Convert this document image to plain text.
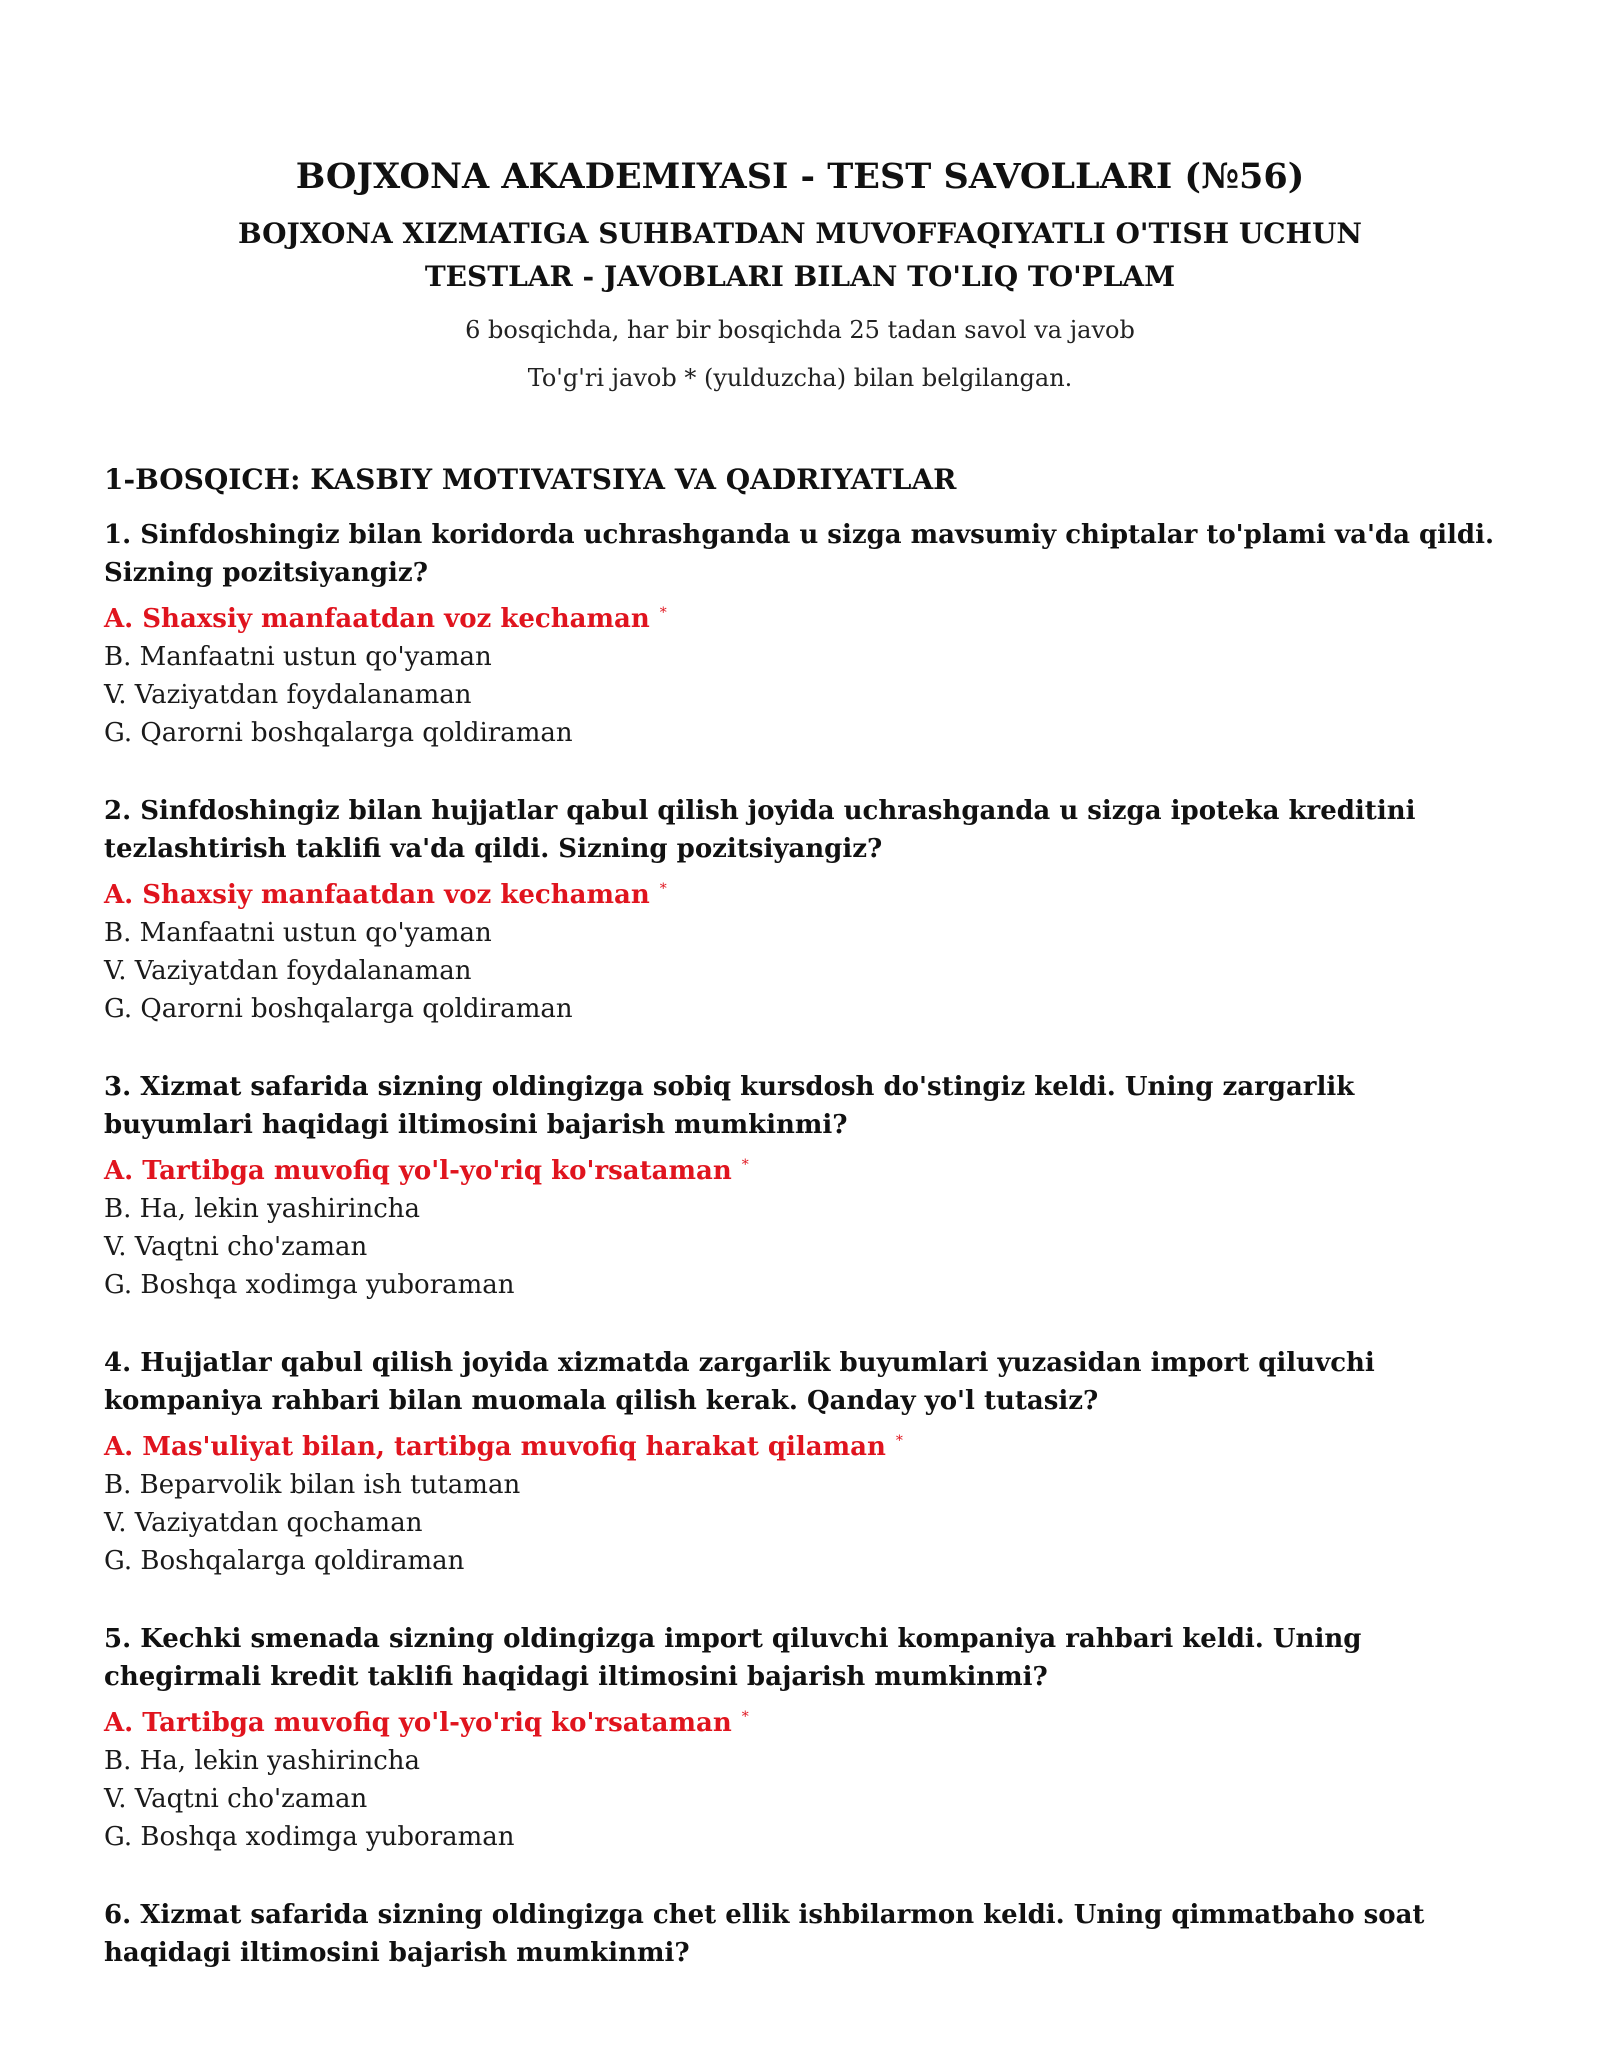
BOJXONA AKADEMIYASI - TEST SAVOLLARI (№56)
BOJXONA XIZMATIGA SUHBATDAN MUVOFFAQIYATLI O'TISH UCHUN TESTLAR - JAVOBLARI BILAN TO'LIQ TO'PLAM
6 bosqichda, har bir bosqichda 25 tadan savol va javob
To'g'ri javob * (yulduzcha) bilan belgilangan.
1-BOSQICH: KASBIY MOTIVATSIYA VA QADRIYATLAR
1. Sinfdoshingiz bilan koridorda uchrashganda u sizga mavsumiy chiptalar to'plami va'da qildi. Sizning pozitsiyangiz?
A. Shaxsiy manfaatdan voz kechaman *
B. Manfaatni ustun qo'yaman
V. Vaziyatdan foydalanaman
G. Qarorni boshqalarga qoldiraman
2. Sinfdoshingiz bilan hujjatlar qabul qilish joyida uchrashganda u sizga ipoteka kreditini tezlashtirish taklifi va'da qildi. Sizning pozitsiyangiz?
A. Shaxsiy manfaatdan voz kechaman *
B. Manfaatni ustun qo'yaman
V. Vaziyatdan foydalanaman
G. Qarorni boshqalarga qoldiraman
3. Xizmat safarida sizning oldingizga sobiq kursdosh do'stingiz keldi. Uning zargarlik buyumlari haqidagi iltimosini bajarish mumkinmi?
A. Tartibga muvofiq yo'l-yo'riq ko'rsataman *
B. Ha, lekin yashirincha
V. Vaqtni cho'zaman
G. Boshqa xodimga yuboraman
4. Hujjatlar qabul qilish joyida xizmatda zargarlik buyumlari yuzasidan import qiluvchi kompaniya rahbari bilan muomala qilish kerak. Qanday yo'l tutasiz?
A. Mas'uliyat bilan, tartibga muvofiq harakat qilaman *
B. Beparvolik bilan ish tutaman
V. Vaziyatdan qochaman
G. Boshqalarga qoldiraman
5. Kechki smenada sizning oldingizga import qiluvchi kompaniya rahbari keldi. Uning chegirmali kredit taklifi haqidagi iltimosini bajarish mumkinmi?
A. Tartibga muvofiq yo'l-yo'riq ko'rsataman *
B. Ha, lekin yashirincha
V. Vaqtni cho'zaman
G. Boshqa xodimga yuboraman
6. Xizmat safarida sizning oldingizga chet ellik ishbilarmon keldi. Uning qimmatbaho soat haqidagi iltimosini bajarish mumkinmi?
